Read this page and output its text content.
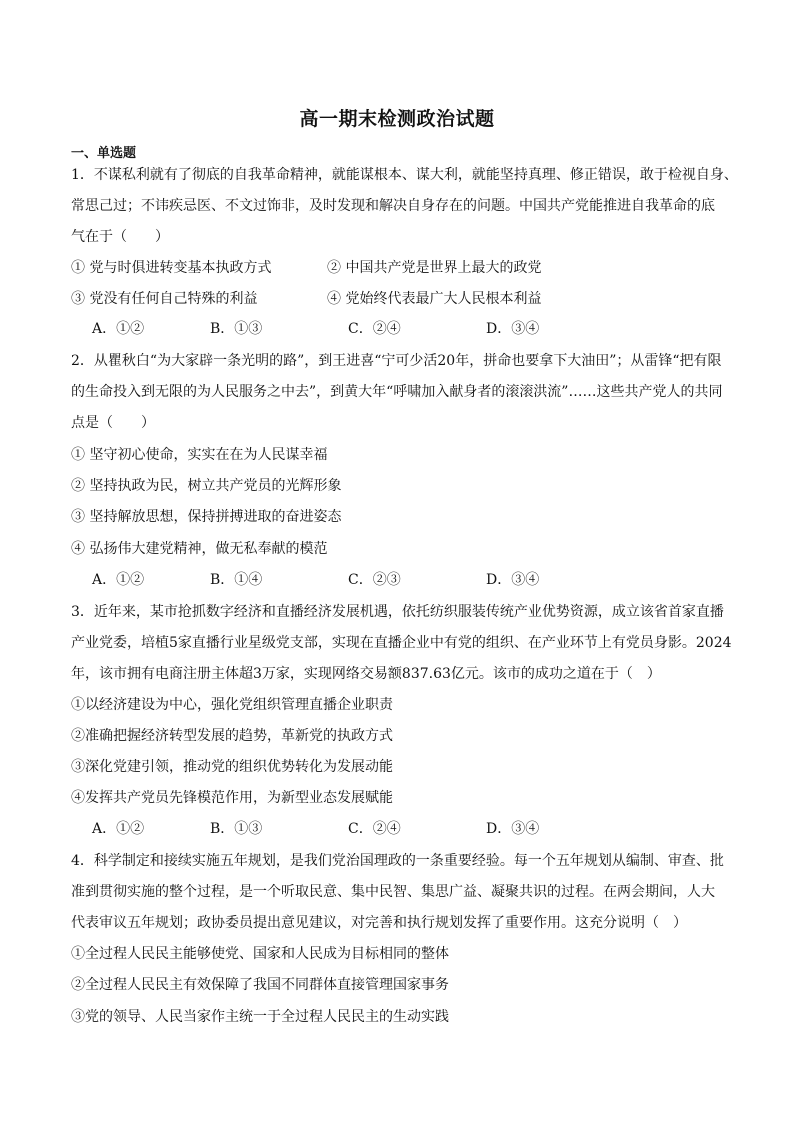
高一期末检测政治试题
一、单选题
1．不谋私利就有了彻底的自我革命精神，就能谋根本、谋大利，就能坚持真理、修正错误，敢于检视自身、
常思己过；不讳疾忌医、不文过饰非，及时发现和解决自身存在的问题。中国共产党能推进自我革命的底
气在于（　　）
① 党与时俱进转变基本执政方式	② 中国共产党是世界上最大的政党
③ 党没有任何自己特殊的利益	④ 党始终代表最广大人民根本利益
A．①②	B．①③	C．②④	D．③④
2．从瞿秋白“为大家辟一条光明的路”，到王进喜“宁可少活20年，拼命也要拿下大油田”；从雷锋“把有限
的生命投入到无限的为人民服务之中去”，到黄大年“呼啸加入献身者的滚滚洪流”……这些共产党人的共同
点是（　　）
① 坚守初心使命，实实在在为人民谋幸福
② 坚持执政为民，树立共产党员的光辉形象
③ 坚持解放思想，保持拼搏进取的奋进姿态
④ 弘扬伟大建党精神，做无私奉献的模范
A．①②	B．①④	C．②③	D．③④
3．近年来，某市抢抓数字经济和直播经济发展机遇，依托纺织服装传统产业优势资源，成立该省首家直播
产业党委，培植5家直播行业星级党支部，实现在直播企业中有党的组织、在产业环节上有党员身影。2024
年，该市拥有电商注册主体超3万家，实现网络交易额837.63亿元。该市的成功之道在于（　）
①以经济建设为中心，强化党组织管理直播企业职责
②准确把握经济转型发展的趋势，革新党的执政方式
③深化党建引领，推动党的组织优势转化为发展动能
④发挥共产党员先锋模范作用，为新型业态发展赋能
A．①②	B．①③	C．②④	D．③④
4．科学制定和接续实施五年规划，是我们党治国理政的一条重要经验。每一个五年规划从编制、审查、批
准到贯彻实施的整个过程，是一个听取民意、集中民智、集思广益、凝聚共识的过程。在两会期间，人大
代表审议五年规划；政协委员提出意见建议，对完善和执行规划发挥了重要作用。这充分说明（　）
①全过程人民民主能够使党、国家和人民成为目标相同的整体
②全过程人民民主有效保障了我国不同群体直接管理国家事务
③党的领导、人民当家作主统一于全过程人民民主的生动实践
